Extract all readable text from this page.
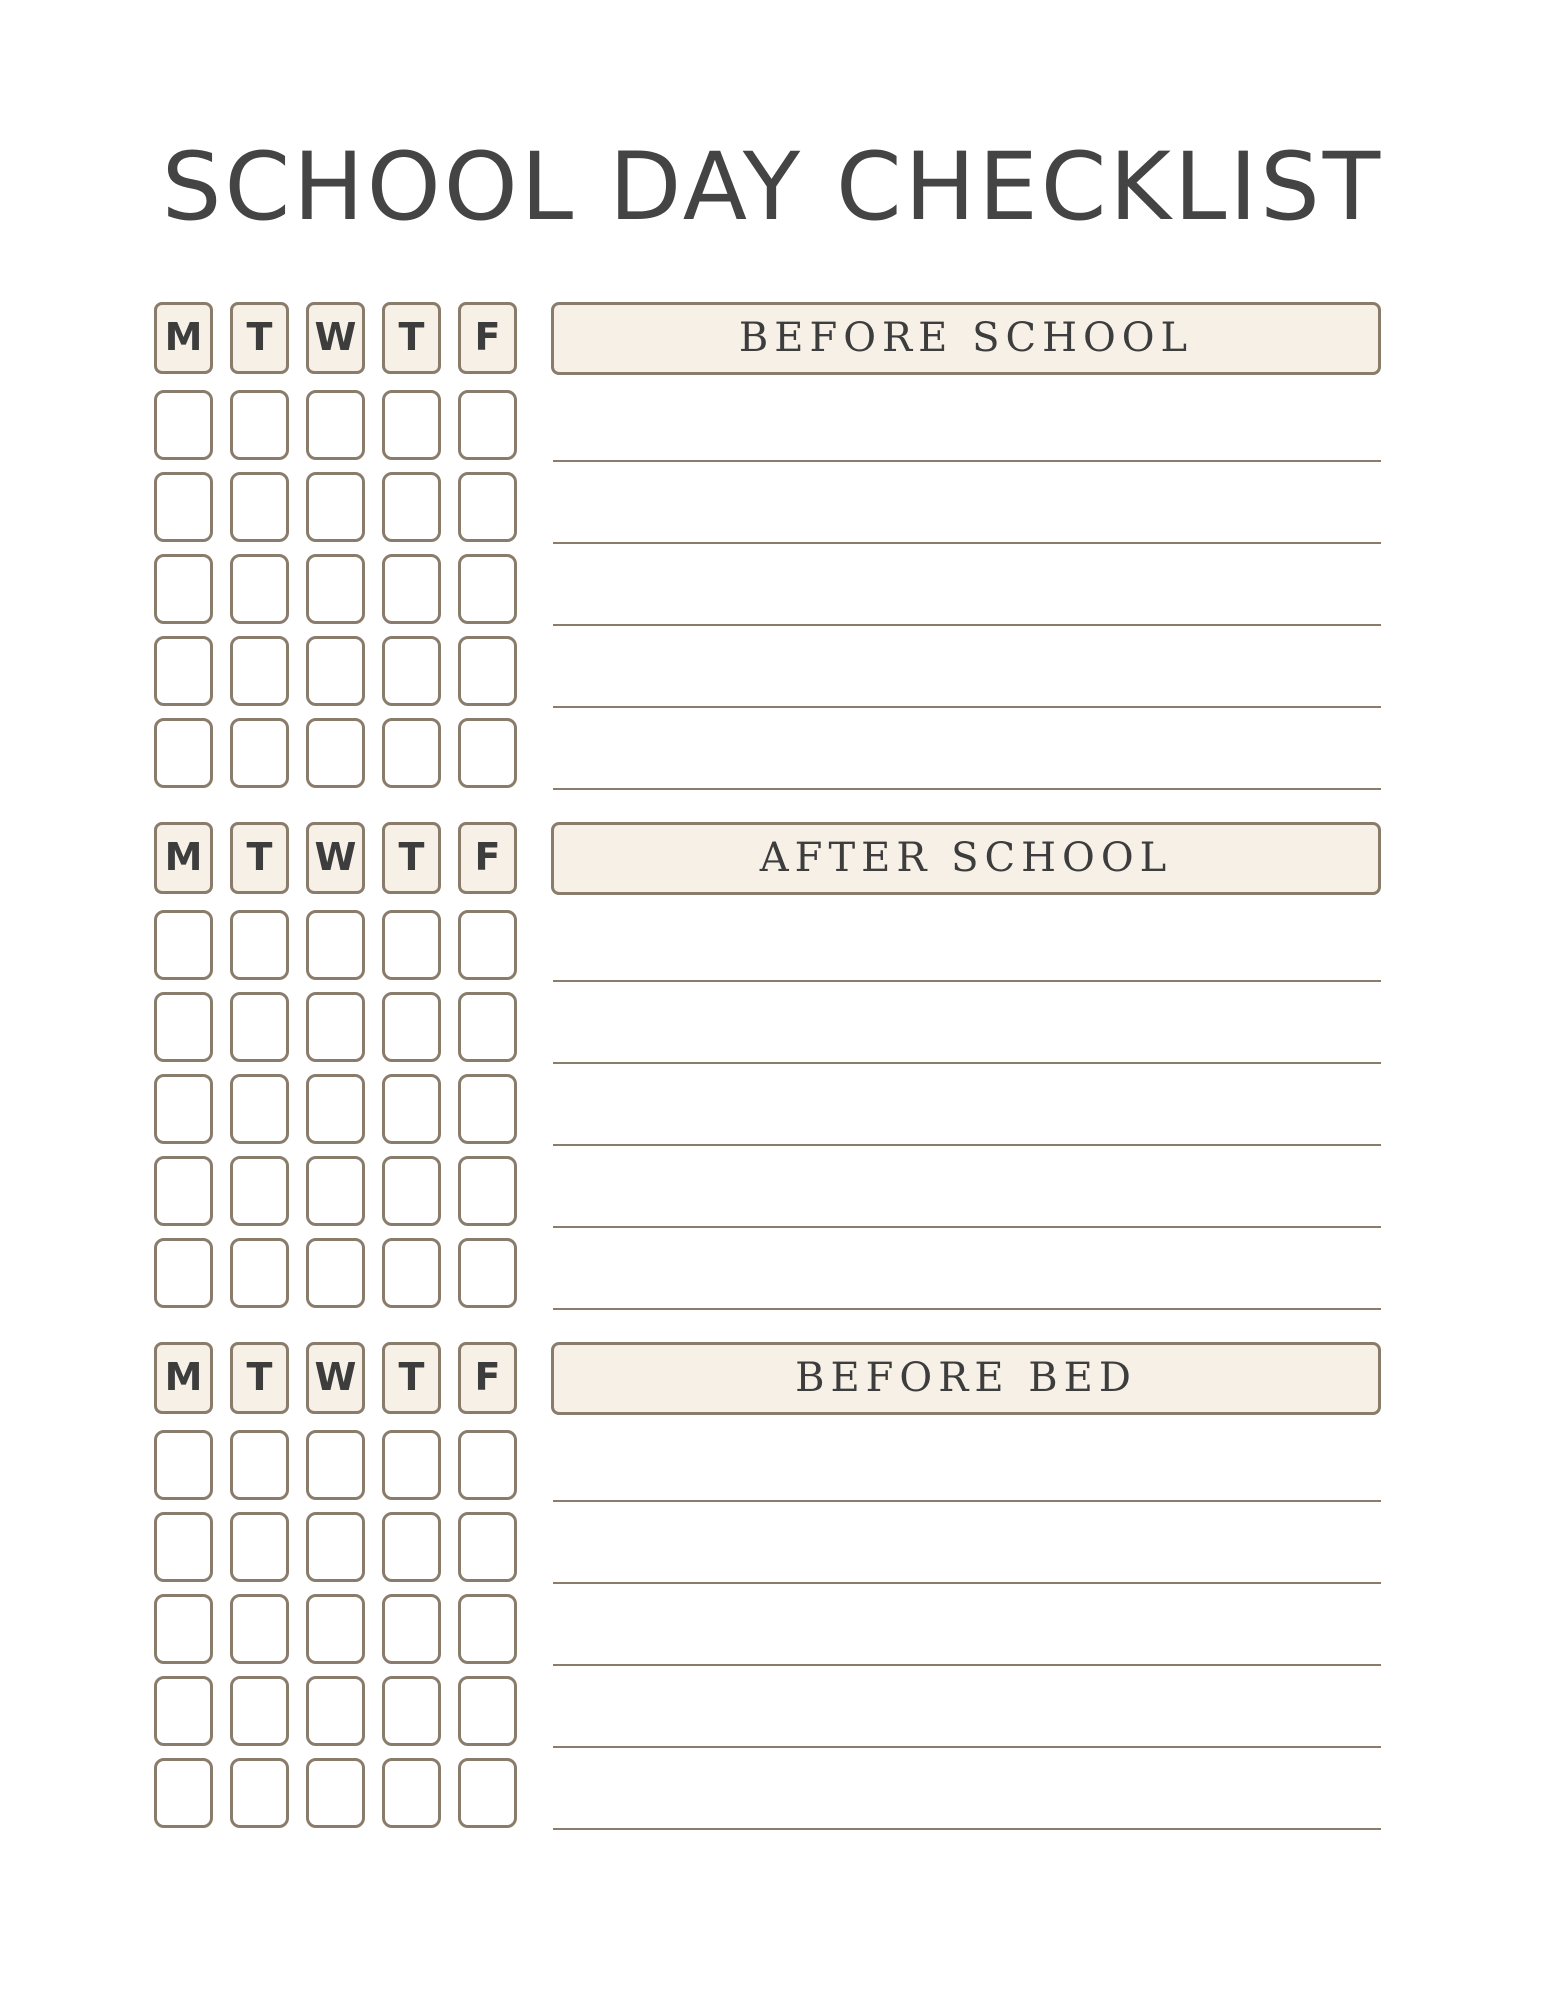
SCHOOL DAY CHECKLIST
M	T	W	T	F	BEFORE SCHOOL
M	T	W	T	F	AFTER SCHOOL
M	T	W	T	F	BEFORE BED
